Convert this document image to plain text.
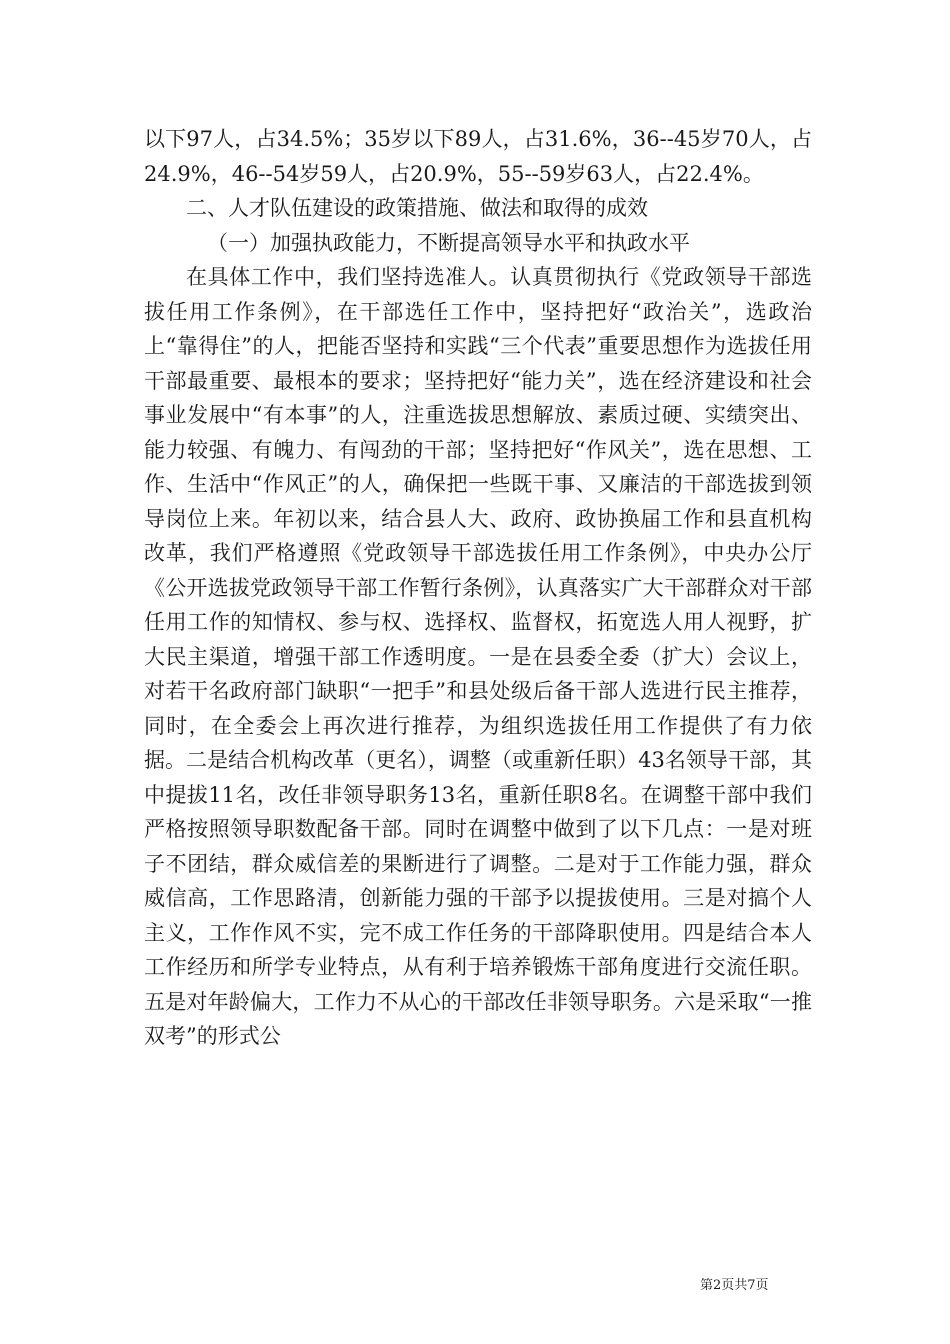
以下97人，占34.5%；35岁以下89人，占31.6%，36--45岁70人，占24.9%，46--54岁59人，占20.9%，55--59岁63人，占22.4%。

二、人才队伍建设的政策措施、做法和取得的成效

（一）加强执政能力，不断提高领导水平和执政水平

在具体工作中，我们坚持选准人。认真贯彻执行《党政领导干部选拔任用工作条例》，在干部选任工作中，坚持把好“政治关”，选政治上“靠得住”的人，把能否坚持和实践“三个代表”重要思想作为选拔任用干部最重要、最根本的要求；坚持把好“能力关”，选在经济建设和社会事业发展中“有本事”的人，注重选拔思想解放、素质过硬、实绩突出、能力较强、有魄力、有闯劲的干部；坚持把好“作风关”，选在思想、工作、生活中“作风正”的人，确保把一些既干事、又廉洁的干部选拔到领导岗位上来。年初以来，结合县人大、政府、政协换届工作和县直机构改革，我们严格遵照《党政领导干部选拔任用工作条例》，中央办公厅《公开选拔党政领导干部工作暂行条例》，认真落实广大干部群众对干部任用工作的知情权、参与权、选择权、监督权，拓宽选人用人视野，扩大民主渠道，增强干部工作透明度。一是在县委全委（扩大）会议上，对若干名政府部门缺职“一把手”和县处级后备干部人选进行民主推荐，同时，在全委会上再次进行推荐，为组织选拔任用工作提供了有力依据。二是结合机构改革（更名），调整（或重新任职）43名领导干部，其中提拔11名，改任非领导职务13名，重新任职8名。在调整干部中我们严格按照领导职数配备干部。同时在调整中做到了以下几点：一是对班子不团结，群众威信差的果断进行了调整。二是对于工作能力强，群众威信高，工作思路清，创新能力强的干部予以提拔使用。三是对搞个人主义，工作作风不实，完不成工作任务的干部降职使用。四是结合本人工作经历和所学专业特点，从有利于培养锻炼干部角度进行交流任职。五是对年龄偏大，工作力不从心的干部改任非领导职务。六是采取“一推双考”的形式公

第2页共7页
